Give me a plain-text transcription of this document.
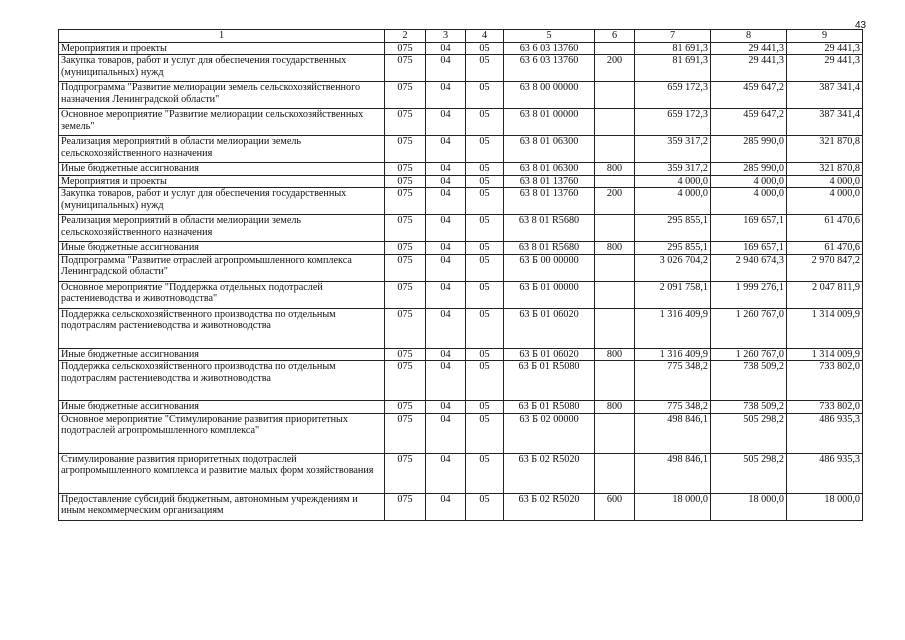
43
1	2	3	4	5	6	7	8	9
Мероприятия и проекты	075	04	05	63 6 03 13760		81 691,3	29 441,3	29 441,3
Закупка товаров, работ и услуг для обеспечения государственных (муниципальных) нужд	075	04	05	63 6 03 13760	200	81 691,3	29 441,3	29 441,3
Подпрограмма "Развитие мелиорации земель сельскохозяйственного назначения Ленинградской области"	075	04	05	63 8 00 00000		659 172,3	459 647,2	387 341,4
Основное мероприятие "Развитие мелиорации сельскохозяйственных земель"	075	04	05	63 8 01 00000		659 172,3	459 647,2	387 341,4
Реализация мероприятий в области мелиорации земель сельскохозяйственного назначения	075	04	05	63 8 01 06300		359 317,2	285 990,0	321 870,8
Иные бюджетные ассигнования	075	04	05	63 8 01 06300	800	359 317,2	285 990,0	321 870,8
Мероприятия и проекты	075	04	05	63 8 01 13760		4 000,0	4 000,0	4 000,0
Закупка товаров, работ и услуг для обеспечения государственных (муниципальных) нужд	075	04	05	63 8 01 13760	200	4 000,0	4 000,0	4 000,0
Реализация мероприятий в области мелиорации земель сельскохозяйственного назначения	075	04	05	63 8 01 R5680		295 855,1	169 657,1	61 470,6
Иные бюджетные ассигнования	075	04	05	63 8 01 R5680	800	295 855,1	169 657,1	61 470,6
Подпрограмма "Развитие отраслей агропромышленного комплекса Ленинградской области"	075	04	05	63 Б 00 00000		3 026 704,2	2 940 674,3	2 970 847,2
Основное мероприятие "Поддержка отдельных подотраслей растениеводства и животноводства"	075	04	05	63 Б 01 00000		2 091 758,1	1 999 276,1	2 047 811,9
Поддержка сельскохозяйственного производства по отдельным подотраслям растениеводства и животноводства	075	04	05	63 Б 01 06020		1 316 409,9	1 260 767,0	1 314 009,9
Иные бюджетные ассигнования	075	04	05	63 Б 01 06020	800	1 316 409,9	1 260 767,0	1 314 009,9
Поддержка сельскохозяйственного производства по отдельным подотраслям растениеводства и животноводства	075	04	05	63 Б 01 R5080		775 348,2	738 509,2	733 802,0
Иные бюджетные ассигнования	075	04	05	63 Б 01 R5080	800	775 348,2	738 509,2	733 802,0
Основное мероприятие "Стимулирование развития приоритетных подотраслей агропромышленного комплекса"	075	04	05	63 Б 02 00000		498 846,1	505 298,2	486 935,3
Стимулирование развития приоритетных подотраслей агропромышленного комплекса и развитие малых форм хозяйствования	075	04	05	63 Б 02 R5020		498 846,1	505 298,2	486 935,3
Предоставление субсидий бюджетным, автономным учреждениям и иным некоммерческим организациям	075	04	05	63 Б 02 R5020	600	18 000,0	18 000,0	18 000,0
